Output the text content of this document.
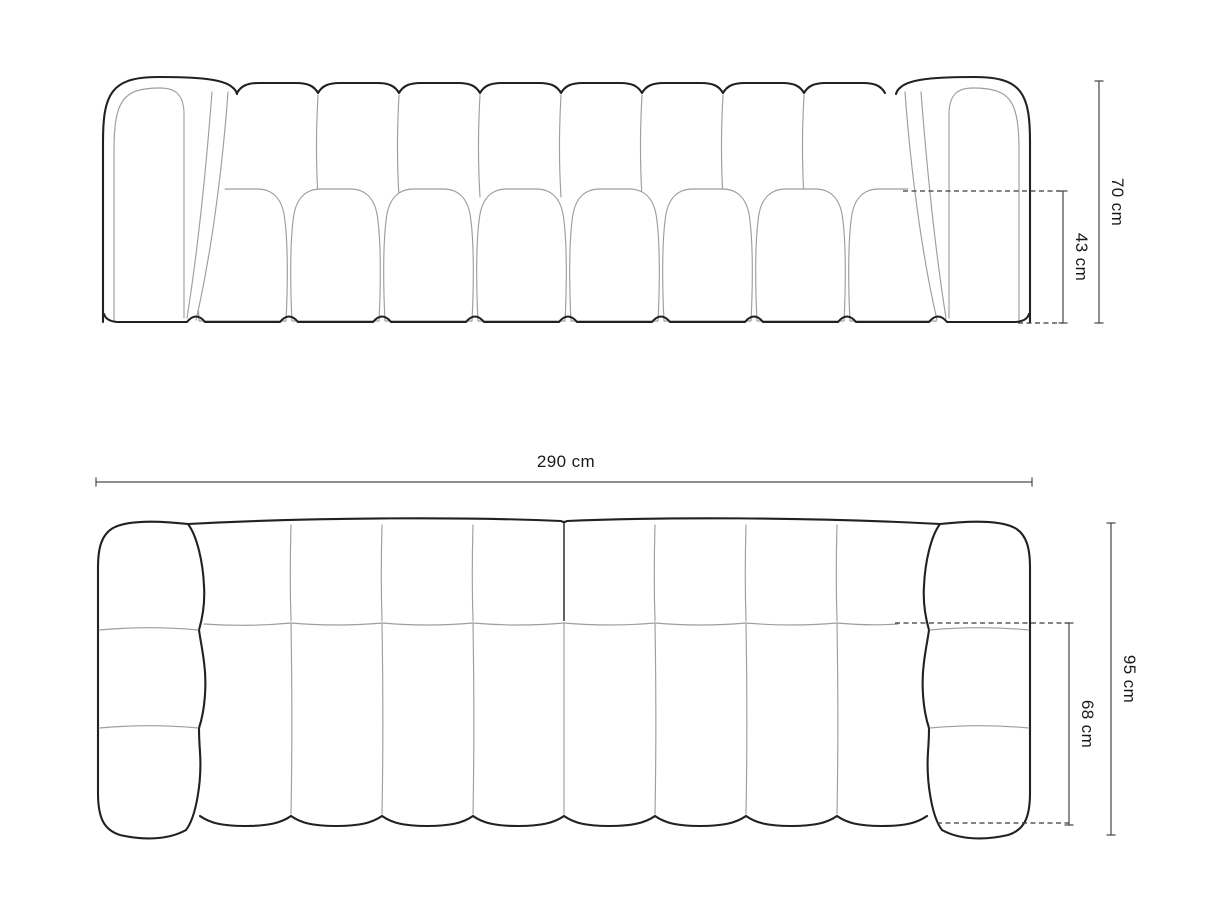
70 cm
43 cm
290 cm
68 cm
95 cm
